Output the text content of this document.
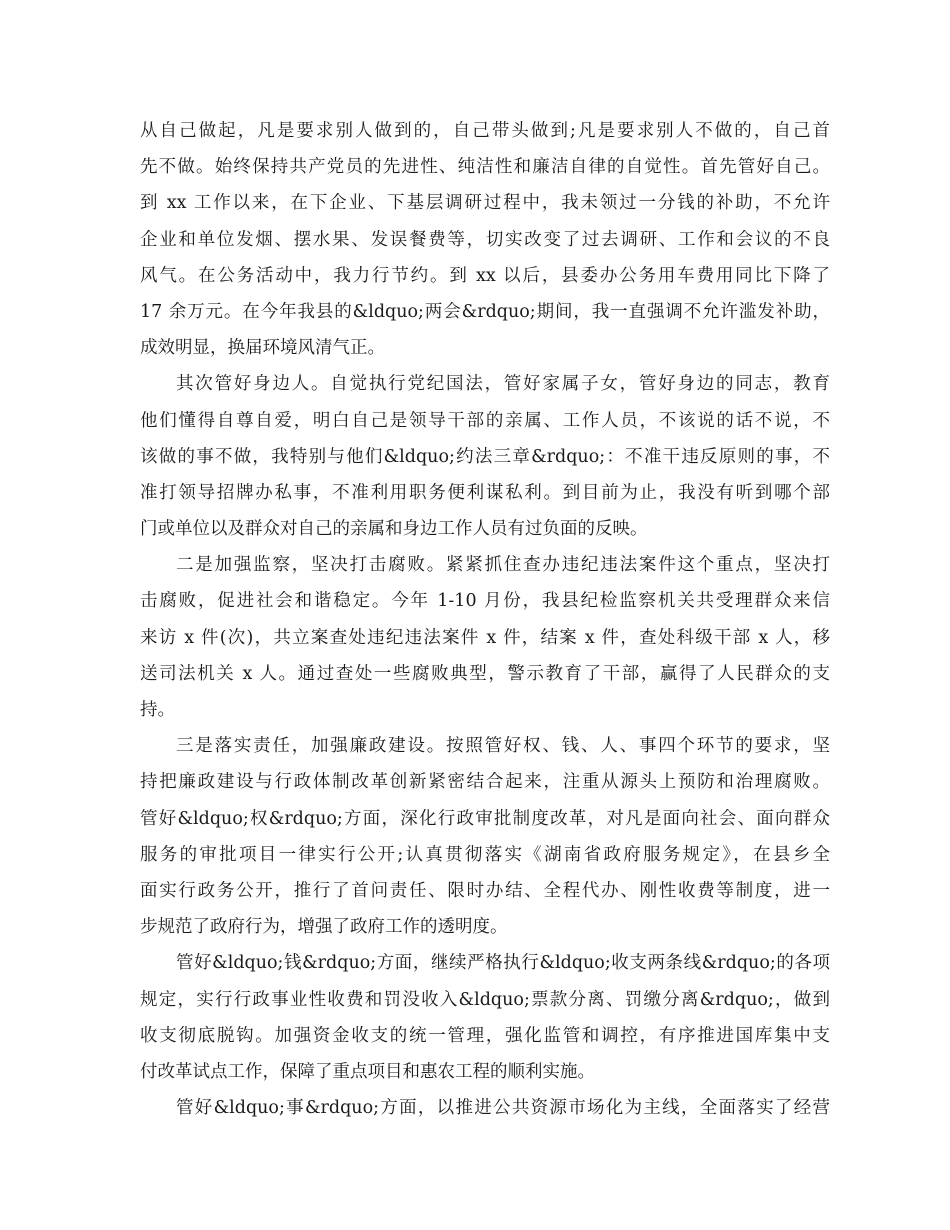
从自己做起，凡是要求别人做到的，自己带头做到;凡是要求别人不做的，自己首
先不做。始终保持共产党员的先进性、纯洁性和廉洁自律的自觉性。首先管好自己。
到 xx 工作以来，在下企业、下基层调研过程中，我未领过一分钱的补助，不允许
企业和单位发烟、摆水果、发误餐费等，切实改变了过去调研、工作和会议的不良
风气。在公务活动中，我力行节约。到 xx 以后，县委办公务用车费用同比下降了
17 余万元。在今年我县的&ldquo;两会&rdquo;期间，我一直强调不允许滥发补助，
成效明显，换届环境风清气正。
其次管好身边人。自觉执行党纪国法，管好家属子女，管好身边的同志，教育
他们懂得自尊自爱，明白自己是领导干部的亲属、工作人员，不该说的话不说，不
该做的事不做，我特别与他们&ldquo;约法三章&rdquo;：不准干违反原则的事，不
准打领导招牌办私事，不准利用职务便利谋私利。到目前为止，我没有听到哪个部
门或单位以及群众对自己的亲属和身边工作人员有过负面的反映。
二是加强监察，坚决打击腐败。紧紧抓住查办违纪违法案件这个重点，坚决打
击腐败，促进社会和谐稳定。今年 1-10 月份，我县纪检监察机关共受理群众来信
来访 x 件(次)，共立案查处违纪违法案件 x 件，结案 x 件，查处科级干部 x 人，移
送司法机关 x 人。通过查处一些腐败典型，警示教育了干部，赢得了人民群众的支
持。
三是落实责任，加强廉政建设。按照管好权、钱、人、事四个环节的要求，坚
持把廉政建设与行政体制改革创新紧密结合起来，注重从源头上预防和治理腐败。
管好&ldquo;权&rdquo;方面，深化行政审批制度改革，对凡是面向社会、面向群众
服务的审批项目一律实行公开;认真贯彻落实《湖南省政府服务规定》，在县乡全
面实行政务公开，推行了首问责任、限时办结、全程代办、刚性收费等制度，进一
步规范了政府行为，增强了政府工作的透明度。
管好&ldquo;钱&rdquo;方面，继续严格执行&ldquo;收支两条线&rdquo;的各项
规定，实行行政事业性收费和罚没收入&ldquo;票款分离、罚缴分离&rdquo;，做到
收支彻底脱钩。加强资金收支的统一管理，强化监管和调控，有序推进国库集中支
付改革试点工作，保障了重点项目和惠农工程的顺利实施。
管好&ldquo;事&rdquo;方面，以推进公共资源市场化为主线，全面落实了经营
